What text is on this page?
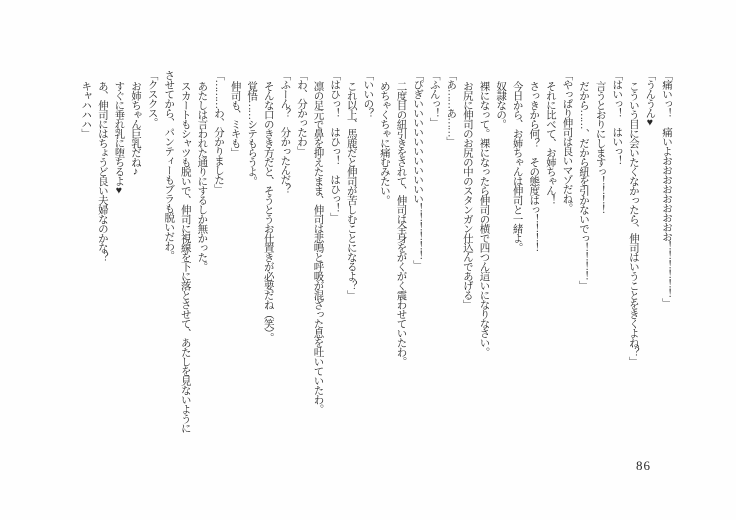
「痛いっ！　痛いよおおおおおおおおお！！！！！！」

「うんうん♥

こういう目に会いたくなかったら、伸司はいうことをきくよね？」

「はいっ！　はいっ！

言うとおりにしますっ！！！！

だから……、だから紐を引かないでっ！！！！」

「やっぱり伸司は良いマゾだね。

それに比べて、お姉ちゃん！

さっきから何？　その態度はっ！！！！

今日から、お姉ちゃんは伸司と一緒よ。

奴隷なの。

裸になって。裸になったら伸司の横で四つん這いになりなさい。

お尻に伸司のお尻の中のスタンガン仕込んであげる」

「あ……あ……」

「ふんっ！」

「ぴぎいいいいいいいいいいい！！！！！！」

二度目の紐引きをされて、伸司は全身をがくがく震わせていたわ。

めちゃくちゃに痛むみたい。

「いいの？

これ以上、馬鹿だと伸司が苦しむことになるよ？」

「はひっ！　はひっ！　はひっ！」

凛の足元で鼻を抑えたまま、伸司は悲鳴と呼吸が混ざった息を吐いていたわ。

「わ、分かったわ」

「ふーん？　分かったんだ？

そんな口のきき方だと、そうとうお仕置きが必要だね（笑）。

覚悟……シテもらうよ。

伸司も、ミキも」

「………わ、分かりました」

あたしは言われた通りにするしか無かった。

スカートもシャツも脱いで、伸司に視線を下に落とさせて、あたしを見ないようにさせてから、パンティーもブラも脱いだわ。

「クスクス。

お姉ちゃん巨乳だね♪

すぐに垂れ乳に堕ちるよ♥

あ、伸司にはちょうど良い夫婦なのかな？

キャハハハ」

86
